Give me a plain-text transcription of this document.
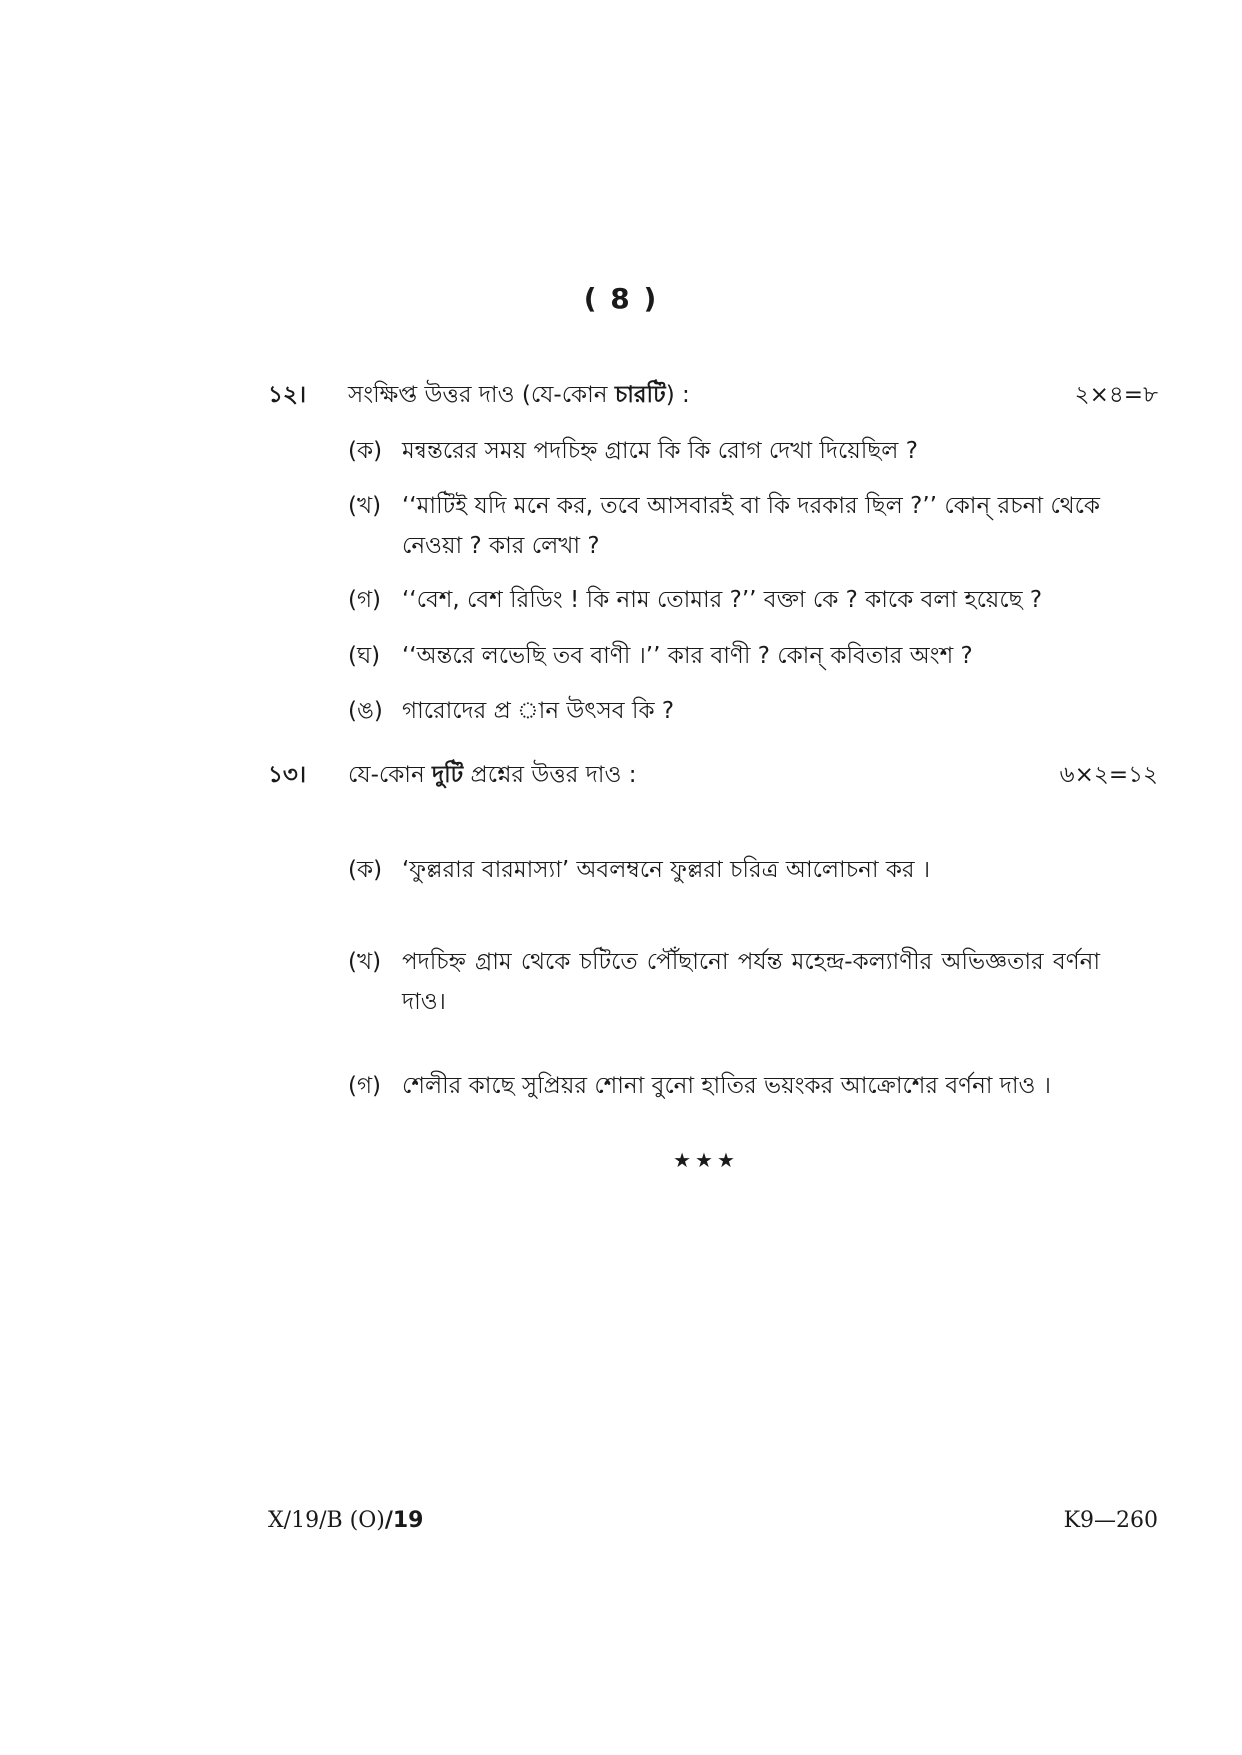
( 8 )
১২। সংক্ষিপ্ত উত্তর দাও (যে-কোন চারটি) :	২×৪=৮
(ক) মন্বন্তরের সময় পদচিহ্ন গ্রামে কি কি রোগ দেখা দিয়েছিল ?
(খ) ‘‘মাটিই যদি মনে কর, তবে আসবারই বা কি দরকার ছিল ?’’ কোন্ রচনা থেকে নেওয়া ? কার লেখা ?
(গ) ‘‘বেশ, বেশ রিডিং ! কি নাম তোমার ?’’ বক্তা কে ? কাকে বলা হয়েছে ?
(ঘ) ‘‘অন্তরে লভেছি তব বাণী ।’’ কার বাণী ? কোন্ কবিতার অংশ ?
(ঙ) গারোদের প্র ান উৎসব কি ?
১৩। যে-কোন দুটি প্রশ্নের উত্তর দাও :	৬×২=১২
(ক) ‘ফুল্লরার বারমাস্যা’ অবলম্বনে ফুল্লরা চরিত্র আলোচনা কর ।
(খ) পদচিহ্ন গ্রাম থেকে চটিতে পৌঁছানো পর্যন্ত মহেন্দ্র-কল্যাণীর অভিজ্ঞতার বর্ণনা দাও।
(গ) শেলীর কাছে সুপ্রিয়র শোনা বুনো হাতির ভয়ংকর আক্রোশের বর্ণনা দাও ।
★★★
X/19/B (O)/19	K9—260
